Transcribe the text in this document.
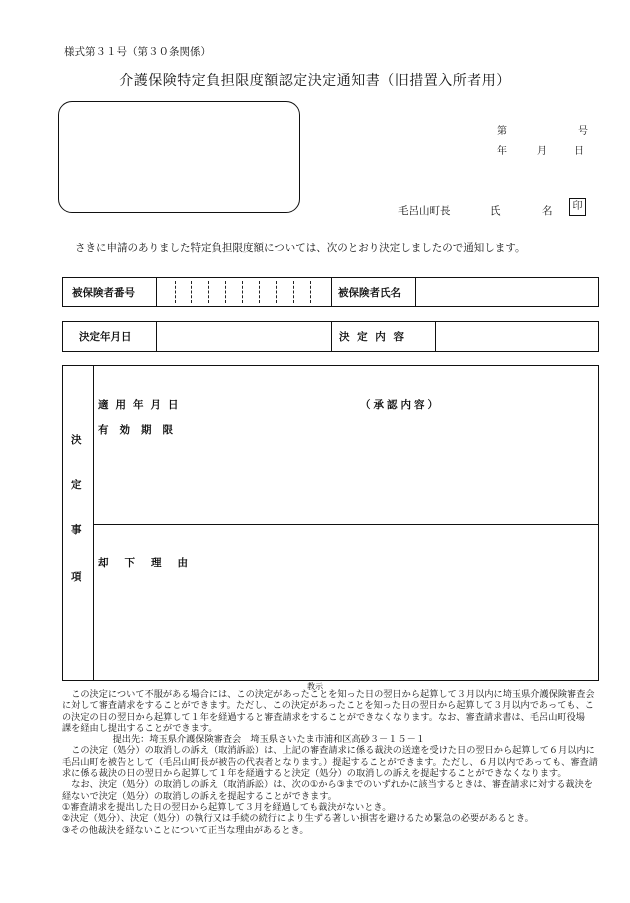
様式第３１号（第３０条関係）
介護保険特定負担限度額認定決定通知書（旧措置入所者用）
第	号
年	月	日
毛呂山町長	氏	名	印
さきに申請のありました特定負担限度額については、次のとおり決定しましたので通知します。
被保険者番号	被保険者氏名
決定年月日	決 定 内 容
決
定
事
項
適用年月日
有効期限
（承認内容）
却下理由
教示

この決定について不服がある場合には、この決定があったことを知った日の翌日から起算して３月以内に埼玉県介護保険審査会に対して審査請求をすることができます。ただし、この決定があったことを知った日の翌日から起算して３月以内であっても、この決定の日の翌日から起算して１年を経過すると審査請求をすることができなくなります。なお、審査請求書は、毛呂山町役場　　　　課を経由し提出することができます。

提出先：埼玉県介護保険審査会　埼玉県さいたま市浦和区高砂３－１５－１

この決定（処分）の取消しの訴え（取消訴訟）は、上記の審査請求に係る裁決の送達を受けた日の翌日から起算して６月以内に毛呂山町を被告として（毛呂山町長が被告の代表者となります。）提起することができます。ただし、６月以内であっても、審査請求に係る裁決の日の翌日から起算して１年を経過すると決定（処分）の取消しの訴えを提起することができなくなります。

なお、決定（処分）の取消しの訴え（取消訴訟）は、次の①から③までのいずれかに該当するときは、審査請求に対する裁決を経ないで決定（処分）の取消しの訴えを提起することができます。

①審査請求を提出した日の翌日から起算して３月を経過しても裁決がないとき。

②決定（処分）、決定（処分）の執行又は手続の続行により生ずる著しい損害を避けるため緊急の必要があるとき。

③その他裁決を経ないことについて正当な理由があるとき。
